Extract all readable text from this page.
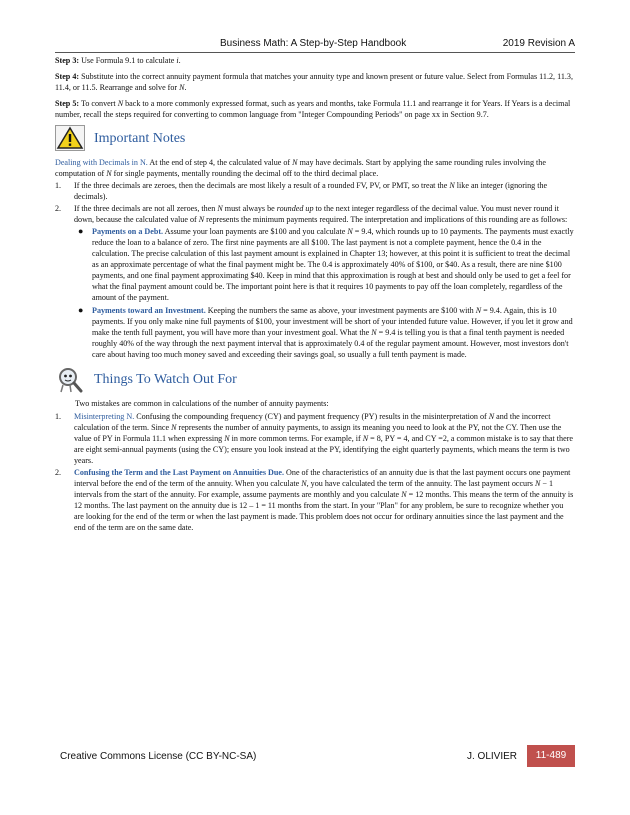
Business Math: A Step-by-Step Handbook	2019 Revision A

Step 3: Use Formula 9.1 to calculate i.

Step 4: Substitute into the correct annuity payment formula that matches your annuity type and known present or future value. Select from Formulas 11.2, 11.3, 11.4, or 11.5. Rearrange and solve for N.

Step 5: To convert N back to a more commonly expressed format, such as years and months, take Formula 11.1 and rearrange it for Years. If Years is a decimal number, recall the steps required for converting to common language from "Integer Compounding Periods" on page xx in Section 9.7.

Important Notes

Dealing with Decimals in N. At the end of step 4, the calculated value of N may have decimals. Start by applying the same rounding rules involving the computation of N for single payments, mentally rounding the decimal off to the third decimal place.

1. If the three decimals are zeroes, then the decimals are most likely a result of a rounded FV, PV, or PMT, so treat the N like an integer (ignoring the decimals).
2. If the three decimals are not all zeroes, then N must always be rounded up to the next integer regardless of the decimal value. You must never round it down, because the calculated value of N represents the minimum payments required. The interpretation and implications of this rounding are as follows:
● Payments on a Debt. Assume your loan payments are $100 and you calculate N = 9.4, which rounds up to 10 payments. The payments must exactly reduce the loan to a balance of zero. The first nine payments are all $100. The last payment is not a complete payment, hence the 0.4 in the calculation. The precise calculation of this last payment amount is explained in Chapter 13; however, at this point it is sufficient to treat the decimal as an approximate percentage of what the final payment might be. The 0.4 is approximately 40% of $100, or $40. As a result, there are nine $100 payments, and one final payment approximating $40. Keep in mind that this approximation is rough at best and should only be used to get a feel for what the final payment amount could be. The important point here is that it requires 10 payments to pay off the loan completely, regardless of the amount of the payment.
● Payments toward an Investment. Keeping the numbers the same as above, your investment payments are $100 with N = 9.4. Again, this is 10 payments. If you only make nine full payments of $100, your investment will be short of your intended future value. However, if you let it grow and make the tenth full payment, you will have more than your investment goal. What the N = 9.4 is telling you is that a final tenth payment is needed roughly 40% of the way through the next payment interval that is approximately 0.4 of the regular payment amount. However, most investors don't care about having too much money saved and exceeding their savings goal, so usually a full tenth payment is made.
Things To Watch Out For

Two mistakes are common in calculations of the number of annuity payments:

1. Misinterpreting N. Confusing the compounding frequency (CY) and payment frequency (PY) results in the misinterpretation of N and the incorrect calculation of the term. Since N represents the number of annuity payments, to assign its meaning you need to look at the PY, not the CY. Then use the value of PY in Formula 11.1 when expressing N in more common terms. For example, if N = 8, PY = 4, and CY =2, a common mistake is to say that there are eight semi-annual payments (using the CY); ensure you look instead at the PY, identifying the eight quarterly payments, which means the term is two years.
2. Confusing the Term and the Last Payment on Annuities Due. One of the characteristics of an annuity due is that the last payment occurs one payment interval before the end of the term of the annuity. When you calculate N, you have calculated the term of the annuity. The last payment occurs N − 1 intervals from the start of the annuity. For example, assume payments are monthly and you calculate N = 12 months. This means the term of the annuity is 12 months. The last payment on the annuity due is 12 – 1 = 11 months from the start. In your "Plan" for any problem, be sure to recognize whether you are looking for the end of the term or when the last payment is made. This problem does not occur for ordinary annuities since the last payment and the end of the term are on the same date.
Creative Commons License (CC BY-NC-SA)	J. OLIVIER	11-489
